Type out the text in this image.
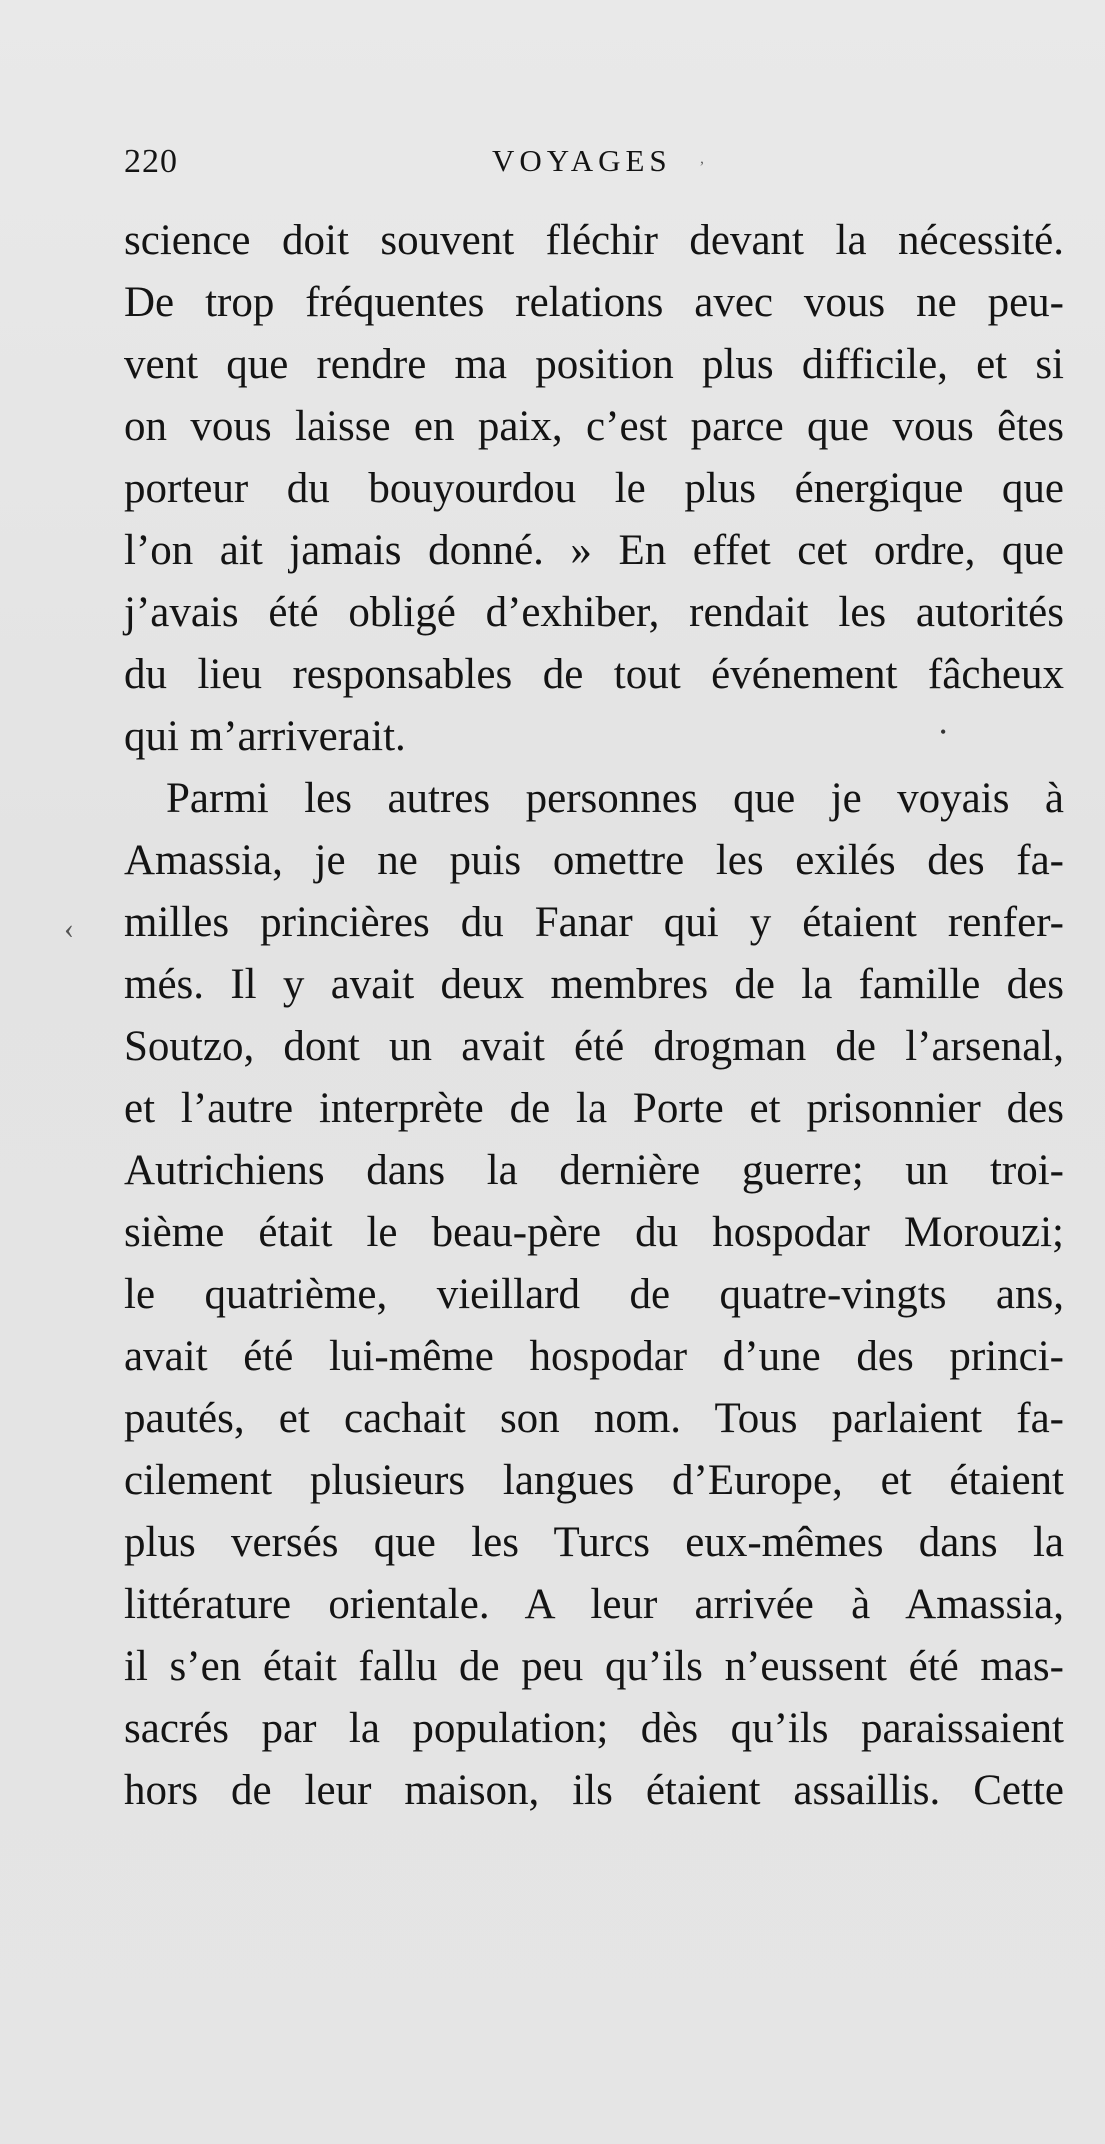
220	VOYAGES
science doit souvent fléchir devant la nécessité.
De trop fréquentes relations avec vous ne peu-
vent que rendre ma position plus difficile, et si
on vous laisse en paix, c’est parce que vous êtes
porteur du bouyourdou le plus énergique que
l’on ait jamais donné. » En effet cet ordre, que
j’avais été obligé d’exhiber, rendait les autorités
du lieu responsables de tout événement fâcheux
qui m’arriverait.
Parmi les autres personnes que je voyais à
Amassia, je ne puis omettre les exilés des fa-
milles princières du Fanar qui y étaient renfer-
més. Il y avait deux membres de la famille des
Soutzo, dont un avait été drogman de l’arsenal,
et l’autre interprète de la Porte et prisonnier des
Autrichiens dans la dernière guerre; un troi-
sième était le beau-père du hospodar Morouzi;
le quatrième, vieillard de quatre-vingts ans,
avait été lui-même hospodar d’une des princi-
pautés, et cachait son nom. Tous parlaient fa-
cilement plusieurs langues d’Europe, et étaient
plus versés que les Turcs eux-mêmes dans la
littérature orientale. A leur arrivée à Amassia,
il s’en était fallu de peu qu’ils n’eussent été mas-
sacrés par la population; dès qu’ils paraissaient
hors de leur maison, ils étaient assaillis. Cette
•
‹
,
